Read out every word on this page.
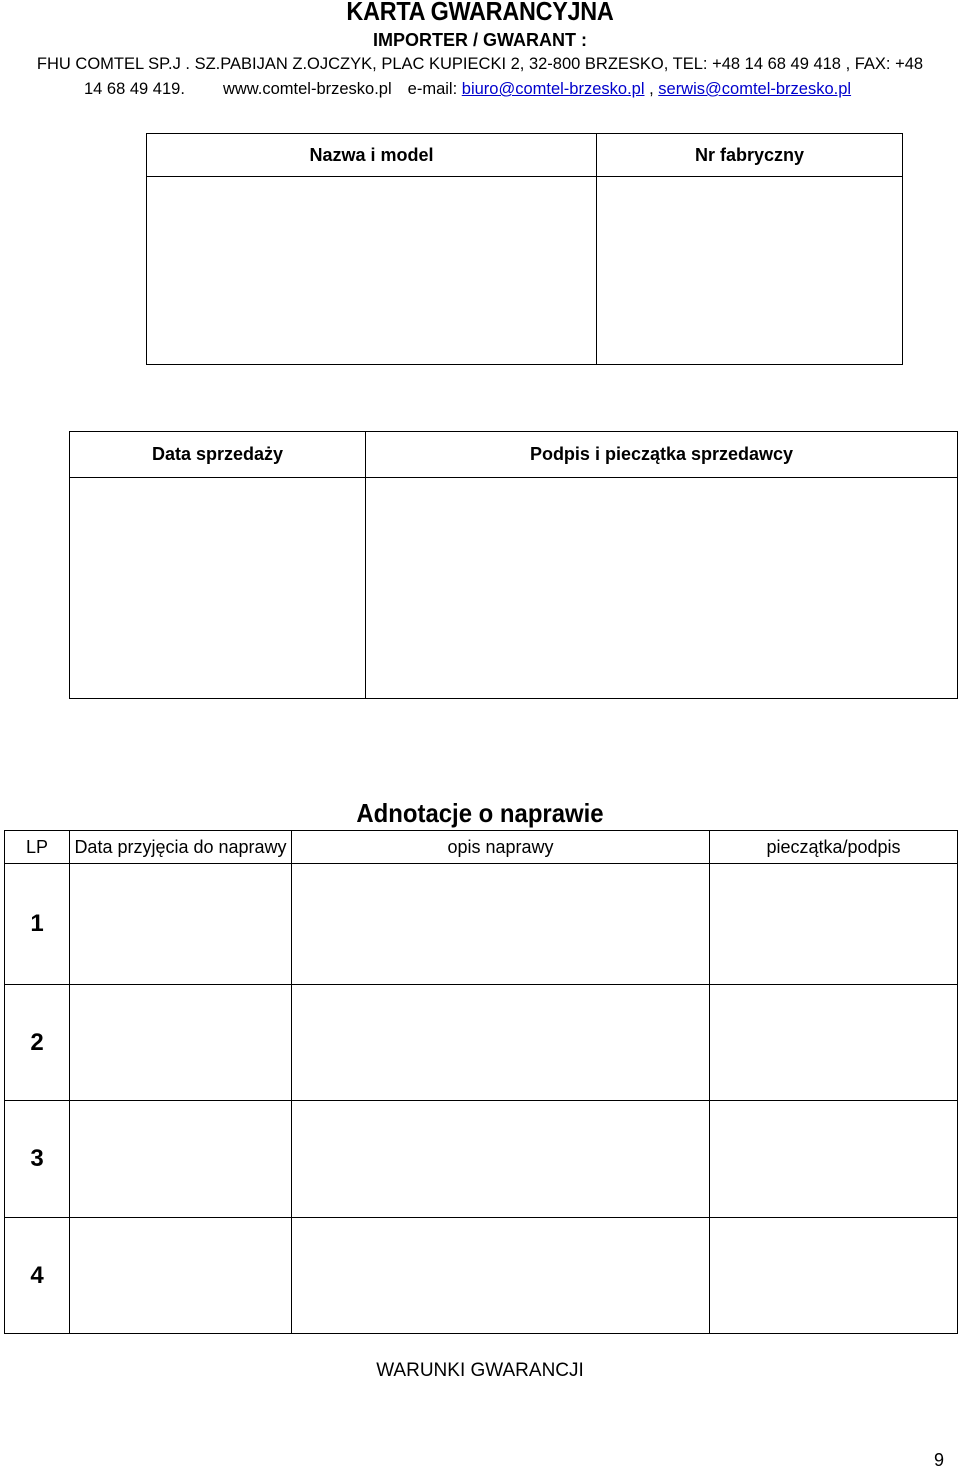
KARTA GWARANCYJNA
IMPORTER / GWARANT :
FHU COMTEL SP.J . SZ.PABIJAN Z.OJCZYK, PLAC KUPIECKI 2, 32-800 BRZESKO, TEL: +48 14 68 49 418 , FAX: +48
14 68 49 419. www.comtel-brzesko.pl e-mail: biuro@comtel-brzesko.pl , serwis@comtel-brzesko.pl
Nazwa i model	Nr fabryczny

Data sprzedaży	Podpis i pieczątka sprzedawcy

Adnotacje o naprawie
LP	Data przyjęcia do naprawy	opis naprawy	pieczątka/podpis
1			
2			
3			
4			
WARUNKI GWARANCJI
9
